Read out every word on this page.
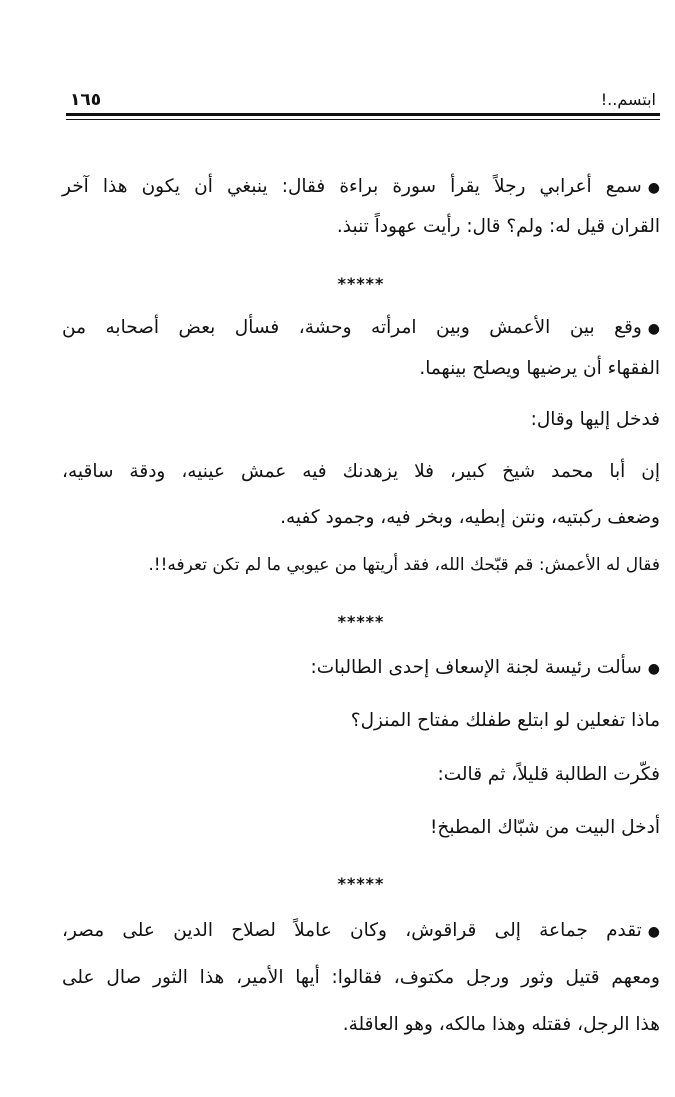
١٦٥	ابتسم..!
●سمع أعرابي رجلاً يقرأ سورة براءة فقال: ينبغي أن يكون هذا آخر
القران قيل له: ولم؟ قال: رأيت عهوداً تنبذ.
*****
●وقع بين الأعمش وبين امرأته وحشة، فسأل بعض أصحابه من
الفقهاء أن يرضيها ويصلح بينهما.
فدخل إليها وقال:
إن أبا محمد شيخ كبير، فلا يزهدنك فيه عمش عينيه، ودقة ساقيه،
وضعف ركبتيه، ونتن إبطيه، وبخر فيه، وجمود كفيه.
فقال له الأعمش: قم قبّحك الله، فقد أريتها من عيوبي ما لم تكن تعرفه!!.
*****
●سألت رئيسة لجنة الإسعاف إحدى الطالبات:
ماذا تفعلين لو ابتلع طفلك مفتاح المنزل؟
فكّرت الطالبة قليلاً، ثم قالت:
أدخل البيت من شبّاك المطبخ!
*****
●تقدم جماعة إلى قراقوش، وكان عاملاً لصلاح الدين على مصر،
ومعهم قتيل وثور ورجل مكتوف، فقالوا: أيها الأمير، هذا الثور صال على
هذا الرجل، فقتله وهذا مالكه، وهو العاقلة.
